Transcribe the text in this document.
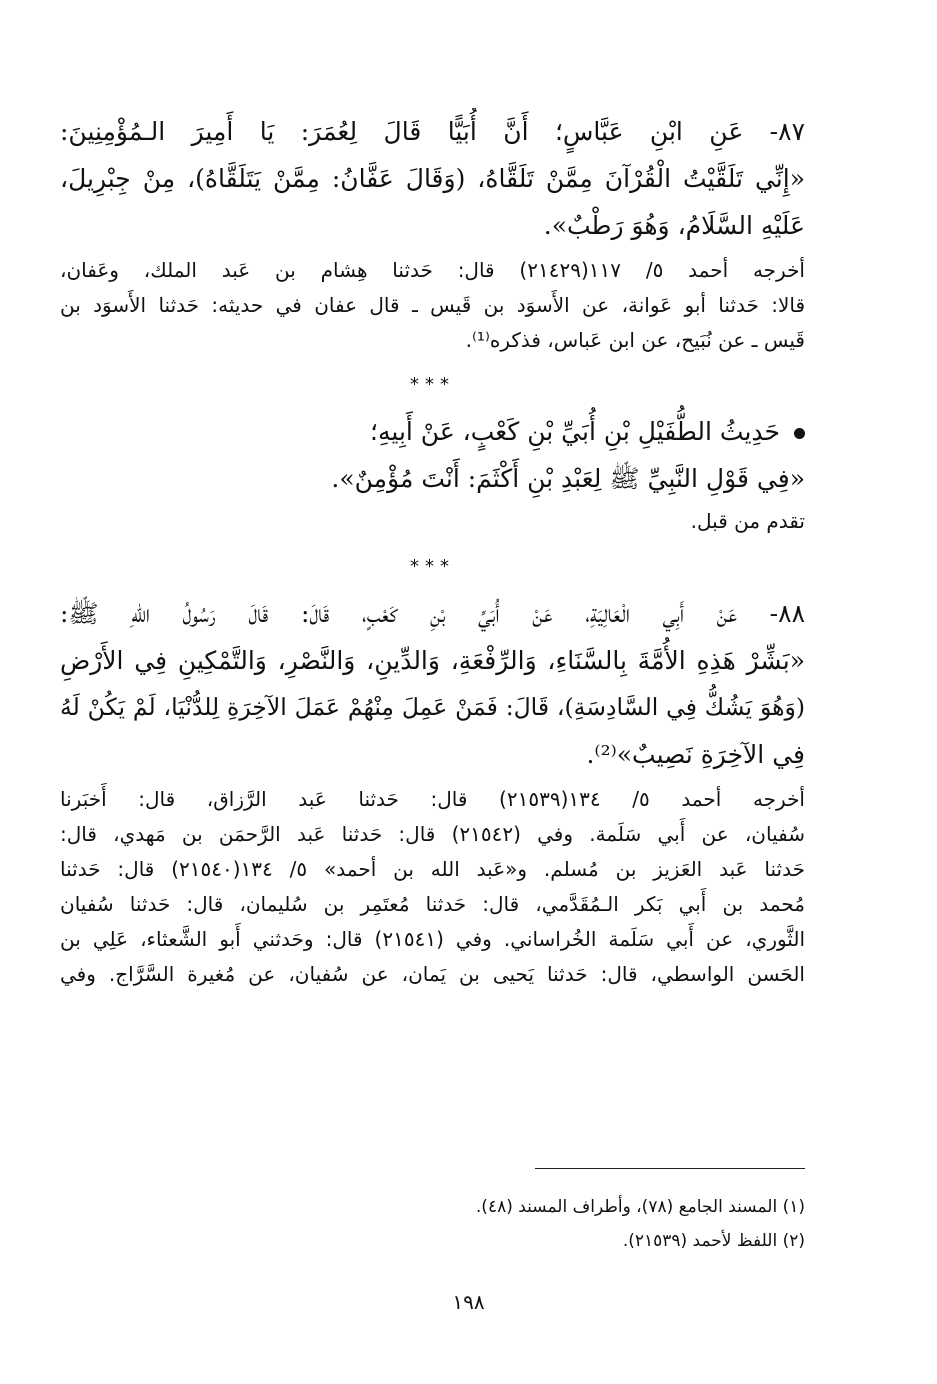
٨٧- عَنِ ابْنِ عَبَّاسٍ؛ أَنَّ أُبَيًّا قَالَ لِعُمَرَ: يَا أَمِيرَ الـمُؤْمِنِينَ:
«إِنِّي تَلَقَّيْتُ الْقُرْآنَ مِمَّنْ تَلَقَّاهُ، (وَقَالَ عَفَّانُ: مِمَّنْ يَتَلَقَّاهُ)، مِنْ جِبْرِيلَ،
عَلَيْهِ السَّلَامُ، وَهُوَ رَطْبٌ».
أخرجه أحمد ٥/ ١١٧(٢١٤٢٩) قال: حَدثنا هِشام بن عَبد الملك، وعَفان،
قالا: حَدثنا أبو عَوانة، عن الأَسوَد بن قَيس ـ قال عفان في حديثه: حَدثنا الأَسوَد بن
قَيس ـ عن نُبَيح، عن ابن عَباس، فذكره⁽¹⁾.
***
حَدِيثُ الطُّفَيْلِ بْنِ أُبَيِّ بْنِ كَعْبٍ، عَنْ أَبِيهِ؛
«فِي قَوْلِ النَّبِيِّ ﷺ لِعَبْدِ بْنِ أَكْثَمَ: أَنْتَ مُؤْمِنٌ».
تقدم من قبل.
***
٨٨- عَنْ أَبِي الْعَالِيَةِ، عَنْ أُبَيِّ بْنِ كَعْبٍ، قَالَ: قَالَ رَسُولُ اللهِ ﷺ:
«بَشِّرْ هَذِهِ الأُمَّةَ بِالسَّنَاءِ، وَالرِّفْعَةِ، وَالدِّينِ، وَالنَّصْرِ، وَالتَّمْكِينِ فِي الأَرْضِ
(وَهُوَ يَشُكُّ فِي السَّادِسَةِ)، قَالَ: فَمَنْ عَمِلَ مِنْهُمْ عَمَلَ الآخِرَةِ لِلدُّنْيَا، لَمْ يَكُنْ لَهُ
فِي الآخِرَةِ نَصِيبٌ»⁽²⁾.
أخرجه أحمد ٥/ ١٣٤(٢١٥٣٩) قال: حَدثنا عَبد الرَّزاق، قال: أَخبَرنا
سُفيان، عن أَبي سَلَمة. وفي (٢١٥٤٢) قال: حَدثنا عَبد الرَّحمَن بن مَهدي، قال:
حَدثنا عَبد العَزيز بن مُسلم. و«عَبد الله بن أحمد» ٥/ ١٣٤(٢١٥٤٠) قال: حَدثنا
مُحمد بن أَبي بَكر الـمُقَدَّمي، قال: حَدثنا مُعتَمِر بن سُليمان، قال: حَدثنا سُفيان
الثَّوري، عن أَبي سَلَمة الخُراساني. وفي (٢١٥٤١) قال: وحَدثني أَبو الشَّعثاء، عَلِي بن
الحَسن الواسطي، قال: حَدثنا يَحيى بن يَمان، عن سُفيان، عن مُغيرة السَّرَّاج. وفي
(١) المسند الجامع (٧٨)، وأطراف المسند (٤٨).
(٢) اللفظ لأحمد (٢١٥٣٩).
١٩٨
